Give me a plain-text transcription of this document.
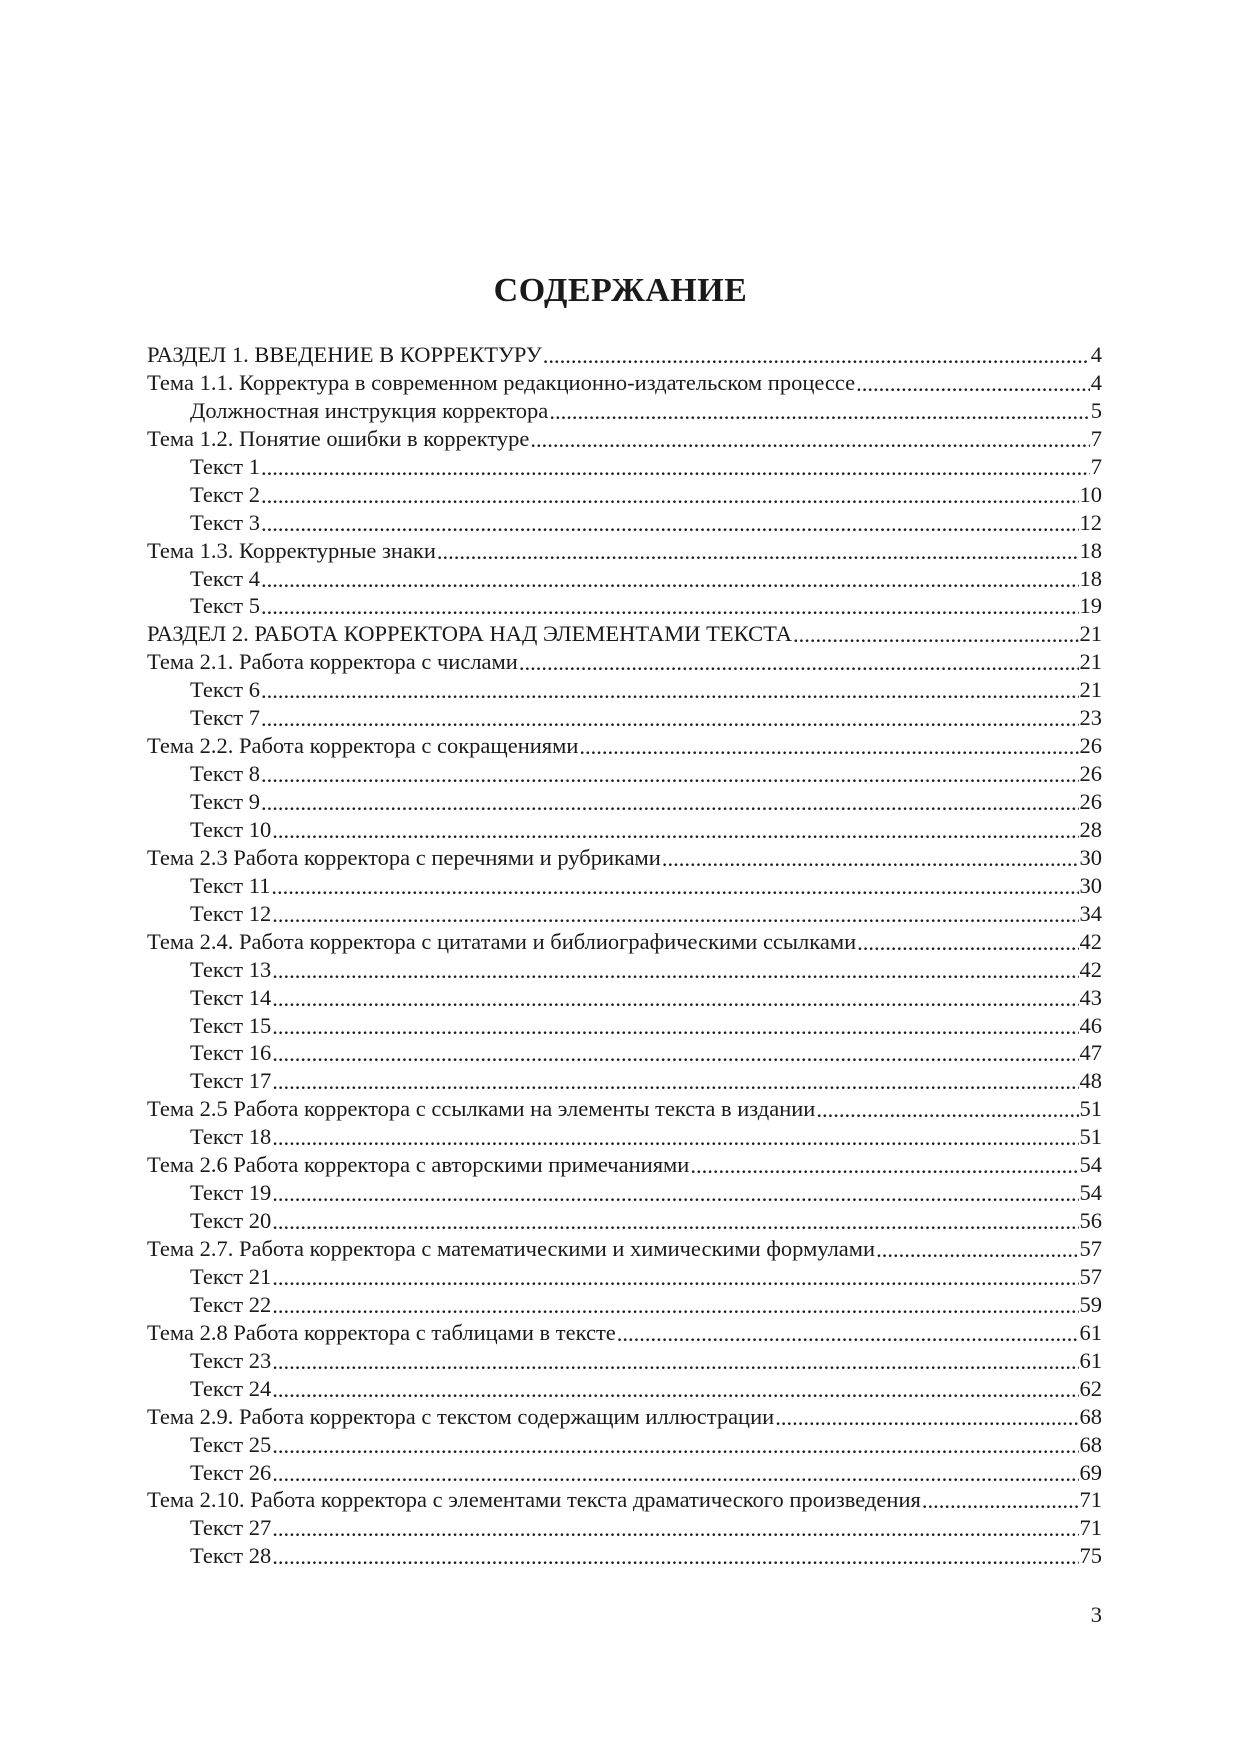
СОДЕРЖАНИЕ
РАЗДЕЛ 1. ВВЕДЕНИЕ В КОРРЕКТУРУ .....	4
Тема 1.1. Корректура в современном редакционно-издательском процессе .....	4
Должностная инструкция корректора .....	5
Тема 1.2. Понятие ошибки в корректуре .....	7
Текст 1 .....	7
Текст 2 .....	10
Текст 3 .....	12
Тема 1.3. Корректурные знаки .....	18
Текст 4 .....	18
Текст 5 .....	19
РАЗДЕЛ 2. РАБОТА КОРРЕКТОРА НАД ЭЛЕМЕНТАМИ ТЕКСТА .....	21
Тема 2.1. Работа корректора с числами .....	21
Текст 6 .....	21
Текст 7 .....	23
Тема 2.2. Работа корректора с сокращениями .....	26
Текст 8 .....	26
Текст 9 .....	26
Текст 10 .....	28
Тема 2.3 Работа корректора с перечнями и рубриками .....	30
Текст 11 .....	30
Текст 12 .....	34
Тема 2.4. Работа корректора с цитатами и библиографическими ссылками .....	42
Текст 13 .....	42
Текст 14 .....	43
Текст 15 .....	46
Текст 16 .....	47
Текст 17 .....	48
Тема 2.5 Работа корректора с ссылками на элементы текста в издании .....	51
Текст 18 .....	51
Тема 2.6 Работа корректора с авторскими примечаниями .....	54
Текст 19 .....	54
Текст 20 .....	56
Тема 2.7. Работа корректора с математическими и химическими формулами .....	57
Текст 21 .....	57
Текст 22 .....	59
Тема 2.8 Работа корректора с таблицами в тексте .....	61
Текст 23 .....	61
Текст 24 .....	62
Тема 2.9. Работа корректора с текстом содержащим иллюстрации .....	68
Текст 25 .....	68
Текст 26 .....	69
Тема 2.10. Работа корректора с элементами текста драматического произведения .....	71
Текст 27 .....	71
Текст 28 .....	75
3
